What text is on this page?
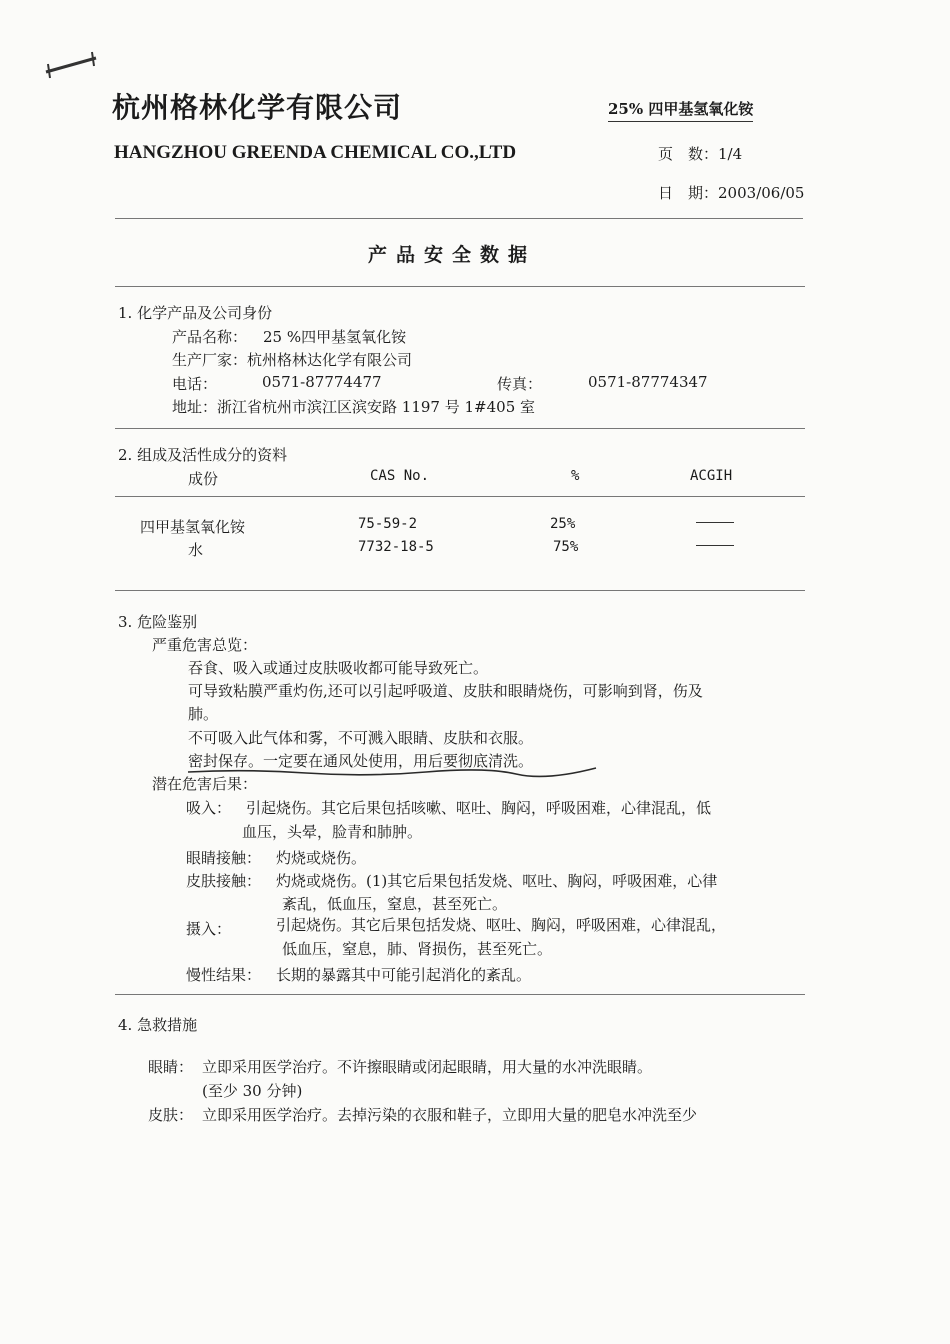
杭州格林化学有限公司
HANGZHOU GREENDA CHEMICAL CO.,LTD
25% 四甲基氢氧化铵
页　数：1/4
日　期：2003/06/05
产品安全数据
1. 化学产品及公司身份
产品名称： 25 %四甲基氢氧化铵
生产厂家：杭州格林达化学有限公司
电话：	0571-87774477	传真：	0571-87774347
地址：浙江省杭州市滨江区滨安路 1197 号 1#405 室
2. 组成及活性成分的资料
成份	CAS No.	%	ACGIH
四甲基氢氧化铵	75-59-2	25%
水	7732-18-5	75%
3. 危险鉴别
严重危害总览：
吞食、吸入或通过皮肤吸收都可能导致死亡。
可导致粘膜严重灼伤,还可以引起呼吸道、皮肤和眼睛烧伤，可影响到肾，伤及
肺。
不可吸入此气体和雾，不可溅入眼睛、皮肤和衣服。
密封保存。一定要在通风处使用，用后要彻底清洗。
潜在危害后果：
吸入： 引起烧伤。其它后果包括咳嗽、呕吐、胸闷，呼吸困难，心律混乱，低
血压，头晕，脸青和肺肿。
眼睛接触： 灼烧或烧伤。
皮肤接触： 灼烧或烧伤。(1)其它后果包括发烧、呕吐、胸闷，呼吸困难，心律
紊乱，低血压，窒息，甚至死亡。
摄入：	引起烧伤。其它后果包括发烧、呕吐、胸闷，呼吸困难，心律混乱，
低血压，窒息，肺、肾损伤，甚至死亡。
慢性结果： 长期的暴露其中可能引起消化的紊乱。
4. 急救措施
眼睛： 立即采用医学治疗。不许擦眼睛或闭起眼睛，用大量的水冲洗眼睛。
(至少 30 分钟)
皮肤： 立即采用医学治疗。去掉污染的衣服和鞋子，立即用大量的肥皂水冲洗至少
